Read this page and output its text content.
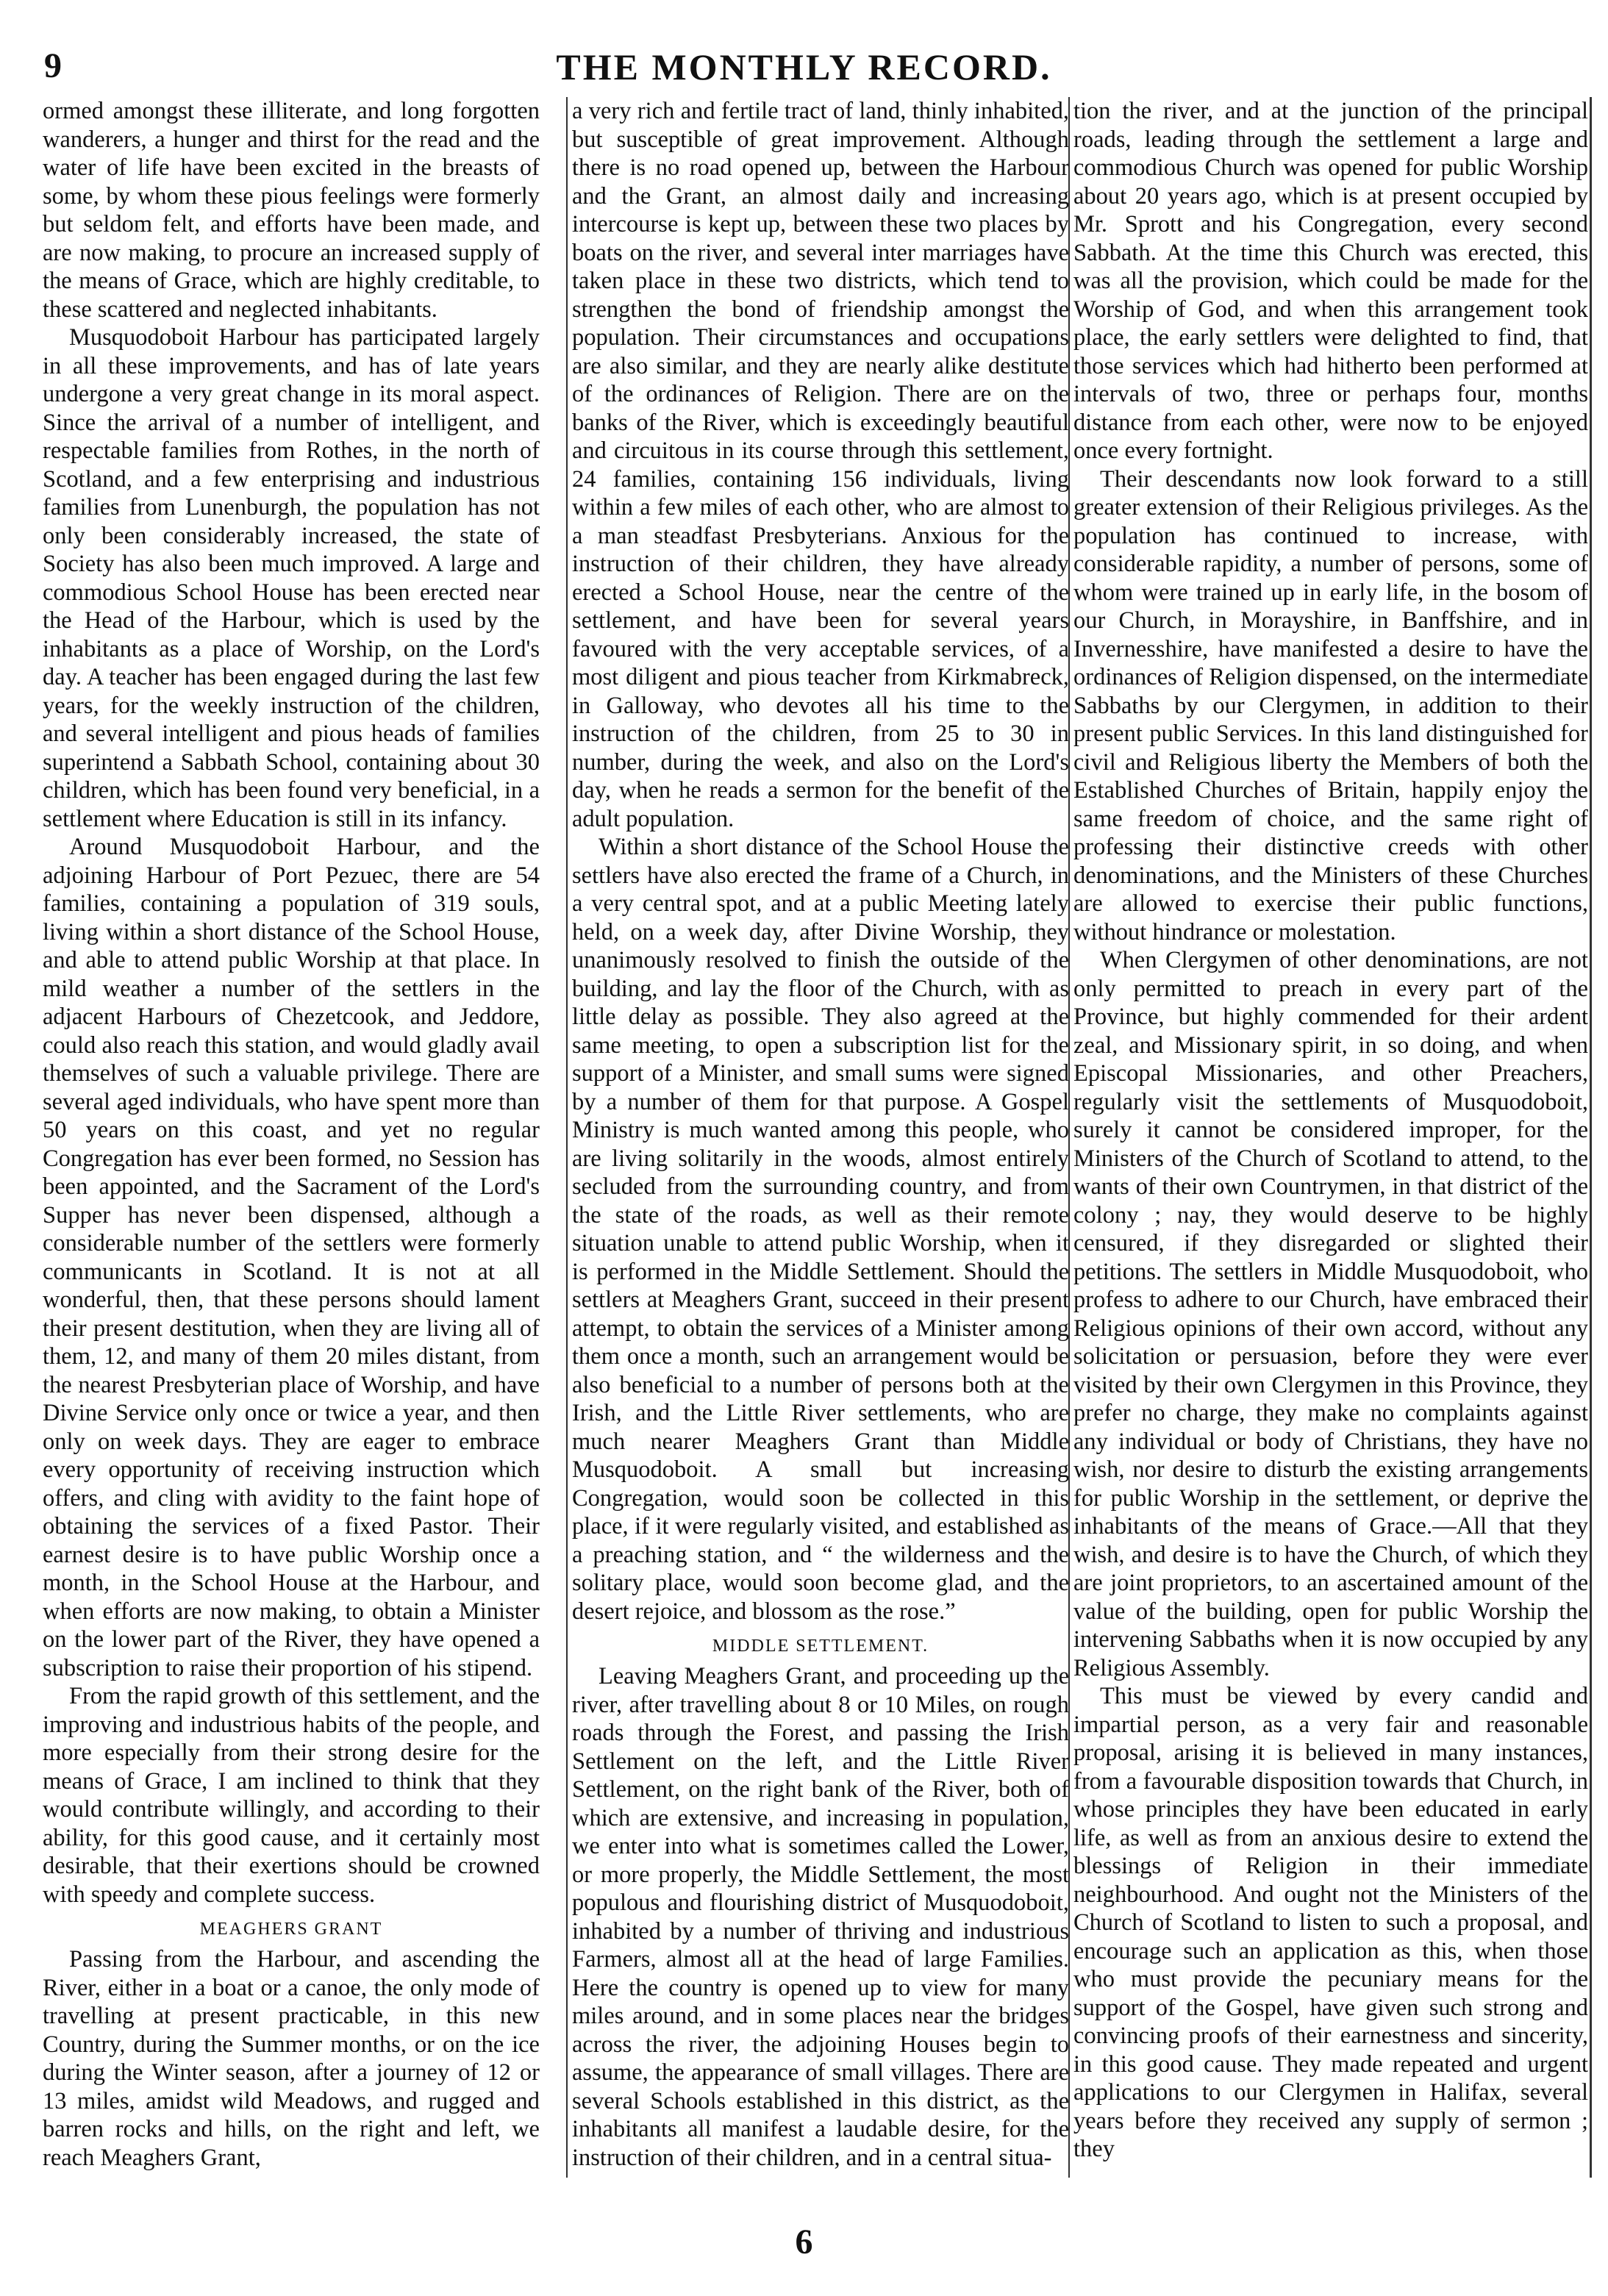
9	THE MONTHLY RECORD.

ormed amongst these illiterate, and long forgotten wanderers, a hunger and thirst for the read and the water of life have been excited in the breasts of some, by whom these pious feelings were formerly but seldom felt, and efforts have been made, and are now making, to procure an increased supply of the means of Grace, which are highly creditable, to these scattered and neglected inhabitants.

Musquodoboit Harbour has participated largely in all these improvements, and has of late years undergone a very great change in its moral aspect. Since the arrival of a number of intelligent, and respectable families from Rothes, in the north of Scotland, and a few enterprising and industrious families from Lunenburgh, the population has not only been considerably increased, the state of Society has also been much improved. A large and commodious School House has been erected near the Head of the Harbour, which is used by the inhabitants as a place of Worship, on the Lord's day. A teacher has been engaged during the last few years, for the weekly instruction of the children, and several intelligent and pious heads of families superintend a Sabbath School, containing about 30 children, which has been found very beneficial, in a settlement where Education is still in its infancy.

Around Musquodoboit Harbour, and the adjoining Harbour of Port Pezuec, there are 54 families, containing a population of 319 souls, living within a short distance of the School House, and able to attend public Worship at that place. In mild weather a number of the settlers in the adjacent Harbours of Chezetcook, and Jeddore, could also reach this station, and would gladly avail themselves of such a valuable privilege. There are several aged individuals, who have spent more than 50 years on this coast, and yet no regular Congregation has ever been formed, no Session has been appointed, and the Sacrament of the Lord's Supper has never been dispensed, although a considerable number of the settlers were formerly communicants in Scotland. It is not at all wonderful, then, that these persons should lament their present destitution, when they are living all of them, 12, and many of them 20 miles distant, from the nearest Presbyterian place of Worship, and have Divine Service only once or twice a year, and then only on week days. They are eager to embrace every opportunity of receiving instruction which offers, and cling with avidity to the faint hope of obtaining the services of a fixed Pastor. Their earnest desire is to have public Worship once a month, in the School House at the Harbour, and when efforts are now making, to obtain a Minister on the lower part of the River, they have opened a subscription to raise their proportion of his stipend.

From the rapid growth of this settlement, and the improving and industrious habits of the people, and more especially from their strong desire for the means of Grace, I am inclined to think that they would contribute willingly, and according to their ability, for this good cause, and it certainly most desirable, that their exertions should be crowned with speedy and complete success.

MEAGHERS GRANT

Passing from the Harbour, and ascending the River, either in a boat or a canoe, the only mode of travelling at present practicable, in this new Country, during the Summer months, or on the ice during the Winter season, after a journey of 12 or 13 miles, amidst wild Meadows, and rugged and barren rocks and hills, on the right and left, we reach Meaghers Grant,

a very rich and fertile tract of land, thinly inhabited, but susceptible of great improvement. Although there is no road opened up, between the Harbour and the Grant, an almost daily and increasing intercourse is kept up, between these two places by boats on the river, and several inter marriages have taken place in these two districts, which tend to strengthen the bond of friendship amongst the population. Their circumstances and occupations are also similar, and they are nearly alike destitute of the ordinances of Religion. There are on the banks of the River, which is exceedingly beautiful and circuitous in its course through this settlement, 24 families, containing 156 individuals, living within a few miles of each other, who are almost to a man steadfast Presbyterians. Anxious for the instruction of their children, they have already erected a School House, near the centre of the settlement, and have been for several years favoured with the very acceptable services, of a most diligent and pious teacher from Kirkmabreck, in Galloway, who devotes all his time to the instruction of the children, from 25 to 30 in number, during the week, and also on the Lord's day, when he reads a sermon for the benefit of the adult population.

Within a short distance of the School House the settlers have also erected the frame of a Church, in a very central spot, and at a public Meeting lately held, on a week day, after Divine Worship, they unanimously resolved to finish the outside of the building, and lay the floor of the Church, with as little delay as possible. They also agreed at the same meeting, to open a subscription list for the support of a Minister, and small sums were signed by a number of them for that purpose. A Gospel Ministry is much wanted among this people, who are living solitarily in the woods, almost entirely secluded from the surrounding country, and from the state of the roads, as well as their remote situation unable to attend public Worship, when it is performed in the Middle Settlement. Should the settlers at Meaghers Grant, succeed in their present attempt, to obtain the services of a Minister among them once a month, such an arrangement would be also beneficial to a number of persons both at the Irish, and the Little River settlements, who are much nearer Meaghers Grant than Middle Musquodoboit. A small but increasing Congregation, would soon be collected in this place, if it were regularly visited, and established as a preaching station, and “ the wilderness and the solitary place, would soon become glad, and the desert rejoice, and blossom as the rose.”

MIDDLE SETTLEMENT.

Leaving Meaghers Grant, and proceeding up the river, after travelling about 8 or 10 Miles, on rough roads through the Forest, and passing the Irish Settlement on the left, and the Little River Settlement, on the right bank of the River, both of which are extensive, and increasing in population, we enter into what is sometimes called the Lower, or more properly, the Middle Settlement, the most populous and flourishing district of Musquodoboit, inhabited by a number of thriving and industrious Farmers, almost all at the head of large Families. Here the country is opened up to view for many miles around, and in some places near the bridges across the river, the adjoining Houses begin to assume, the appearance of small villages. There are several Schools established in this district, as the inhabitants all manifest a laudable desire, for the instruction of their children, and in a central situa-

tion the river, and at the junction of the principal roads, leading through the settlement a large and commodious Church was opened for public Worship about 20 years ago, which is at present occupied by Mr. Sprott and his Congregation, every second Sabbath. At the time this Church was erected, this was all the provision, which could be made for the Worship of God, and when this arrangement took place, the early settlers were delighted to find, that those services which had hitherto been performed at intervals of two, three or perhaps four, months distance from each other, were now to be enjoyed once every fortnight.

Their descendants now look forward to a still greater extension of their Religious privileges. As the population has continued to increase, with considerable rapidity, a number of persons, some of whom were trained up in early life, in the bosom of our Church, in Morayshire, in Banffshire, and in Invernesshire, have manifested a desire to have the ordinances of Religion dispensed, on the intermediate Sabbaths by our Clergymen, in addition to their present public Services. In this land distinguished for civil and Religious liberty the Members of both the Established Churches of Britain, happily enjoy the same freedom of choice, and the same right of professing their distinctive creeds with other denominations, and the Ministers of these Churches are allowed to exercise their public functions, without hindrance or molestation.

When Clergymen of other denominations, are not only permitted to preach in every part of the Province, but highly commended for their ardent zeal, and Missionary spirit, in so doing, and when Episcopal Missionaries, and other Preachers, regularly visit the settlements of Musquodoboit, surely it cannot be considered improper, for the Ministers of the Church of Scotland to attend, to the wants of their own Countrymen, in that district of the colony ; nay, they would deserve to be highly censured, if they disregarded or slighted their petitions. The settlers in Middle Musquodoboit, who profess to adhere to our Church, have embraced their Religious opinions of their own accord, without any solicitation or persuasion, before they were ever visited by their own Clergymen in this Province, they prefer no charge, they make no complaints against any individual or body of Christians, they have no wish, nor desire to disturb the existing arrangements for public Worship in the settlement, or deprive the inhabitants of the means of Grace.—All that they wish, and desire is to have the Church, of which they are joint proprietors, to an ascertained amount of the value of the building, open for public Worship the intervening Sabbaths when it is now occupied by any Religious Assembly.

This must be viewed by every candid and impartial person, as a very fair and reasonable proposal, arising it is believed in many instances, from a favourable disposition towards that Church, in whose principles they have been educated in early life, as well as from an anxious desire to extend the blessings of Religion in their immediate neighbourhood. And ought not the Ministers of the Church of Scotland to listen to such a proposal, and encourage such an application as this, when those who must provide the pecuniary means for the support of the Gospel, have given such strong and convincing proofs of their earnestness and sincerity, in this good cause. They made repeated and urgent applications to our Clergymen in Halifax, several years before they received any supply of sermon ; they

6
